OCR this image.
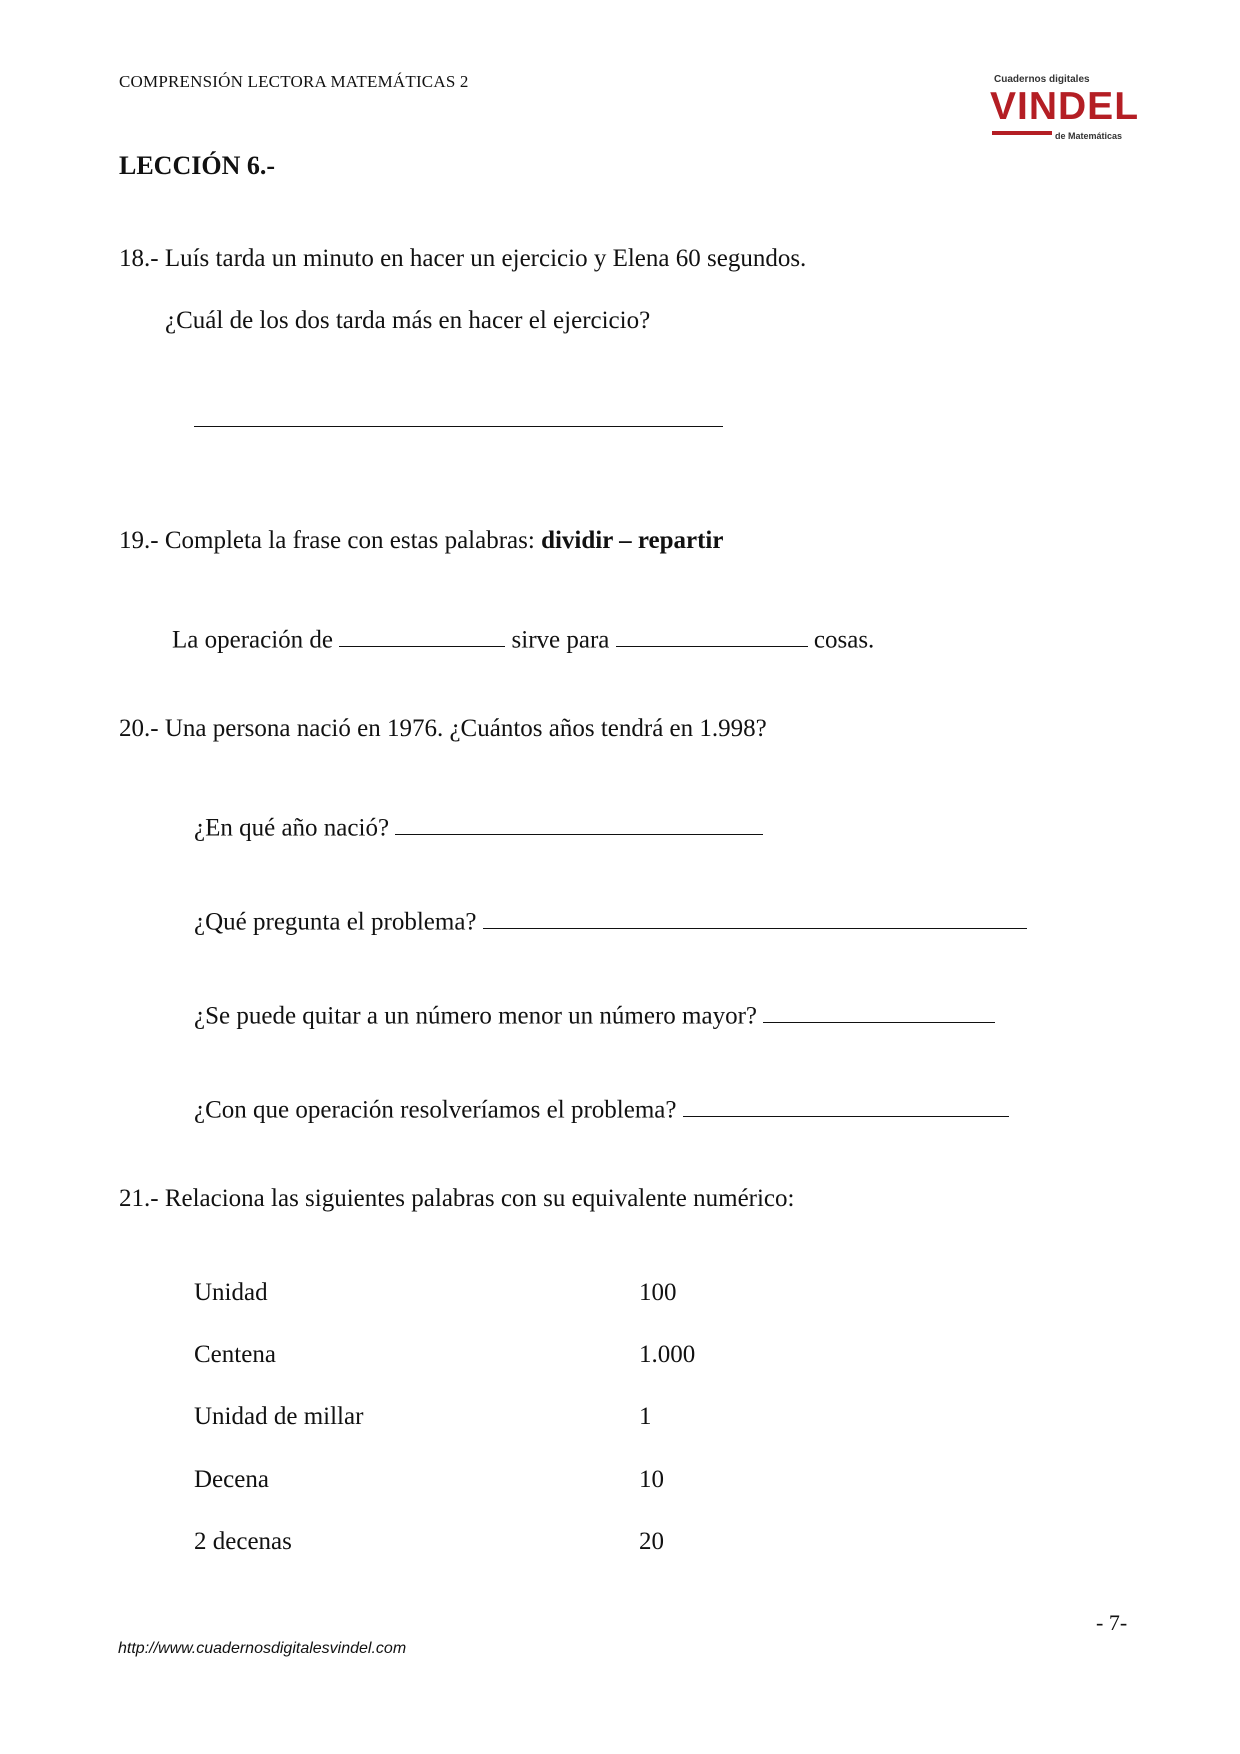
COMPRENSIÓN LECTORA MATEMÁTICAS 2	Cuadernos digitales
VINDEL
de Matemáticas
LECCIÓN 6.-
18.- Luís tarda un minuto en hacer un ejercicio y Elena 60 segundos.
¿Cuál de los dos tarda más en hacer el ejercicio?
19.- Completa la frase con estas palabras: dividir – repartir
La operación de	sirve para	cosas.
20.- Una persona nació en 1976. ¿Cuántos años tendrá en 1.998?
¿En qué año nació?
¿Qué pregunta el problema?
¿Se puede quitar a un número menor un número mayor?
¿Con que operación resolveríamos el problema?
21.- Relaciona las siguientes palabras con su equivalente numérico:
Unidad	100
Centena	1.000
Unidad de millar	1
Decena	10
2 decenas	20
- 7-
http://www.cuadernosdigitalesvindel.com
